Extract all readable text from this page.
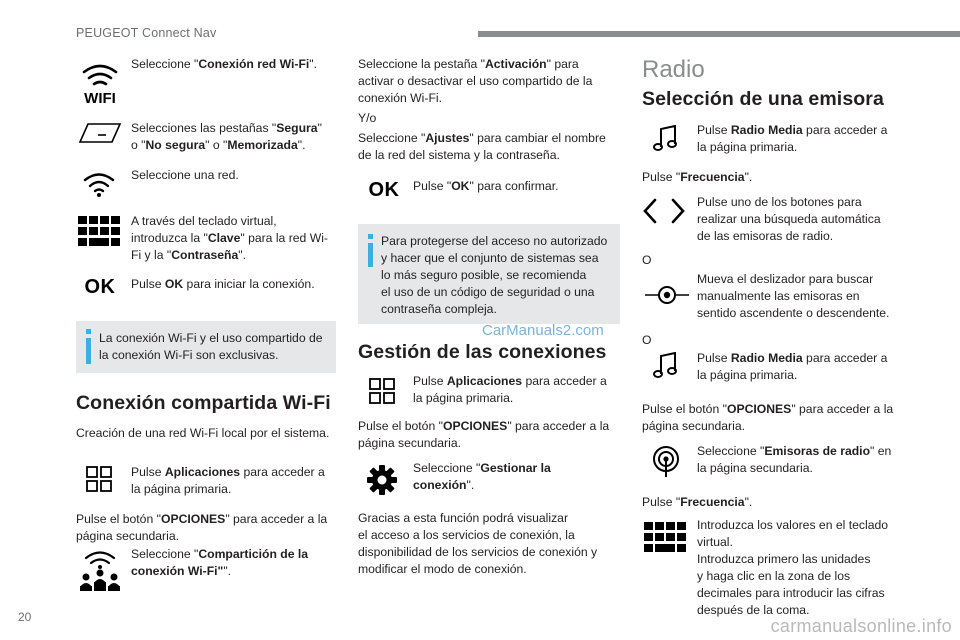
PEUGEOT Connect Nav
WIFI
Seleccione "Conexión red Wi-Fi".
Selecciones las pestañas "Segura"
o "No segura" o "Memorizada".
Seleccione una red.
A través del teclado virtual,
introduzca la "Clave" para la red Wi-
Fi y la "Contraseña".
OK	Pulse OK para iniciar la conexión.
La conexión Wi-Fi y el uso compartido de
la conexión Wi-Fi son exclusivas.
Conexión compartida Wi-Fi
Creación de una red Wi-Fi local por el sistema.
Pulse Aplicaciones para acceder a
la página primaria.
Pulse el botón "OPCIONES" para acceder a la
página secundaria.
Seleccione "Compartición de la
conexión Wi-Fi"".
Seleccione la pestaña "Activación" para
activar o desactivar el uso compartido de la
conexión Wi-Fi.
Y/o
Seleccione "Ajustes" para cambiar el nombre
de la red del sistema y la contraseña.
OK	Pulse "OK" para confirmar.
Para protegerse del acceso no autorizado
y hacer que el conjunto de sistemas sea
lo más seguro posible, se recomienda
el uso de un código de seguridad o una
contraseña compleja.
CarManuals2.com
Gestión de las conexiones
Pulse Aplicaciones para acceder a
la página primaria.
Pulse el botón "OPCIONES" para acceder a la
página secundaria.
Seleccione "Gestionar la
conexión".
Gracias a esta función podrá visualizar
el acceso a los servicios de conexión, la
disponibilidad de los servicios de conexión y
modificar el modo de conexión.
Radio
Selección de una emisora
Pulse Radio Media para acceder a
la página primaria.
Pulse "Frecuencia".
Pulse uno de los botones para
realizar una búsqueda automática
de las emisoras de radio.
O
Mueva el deslizador para buscar
manualmente las emisoras en
sentido ascendente o descendente.
O
Pulse Radio Media para acceder a
la página primaria.
Pulse el botón "OPCIONES" para acceder a la
página secundaria.
Seleccione "Emisoras de radio" en
la página secundaria.
Pulse "Frecuencia".
Introduzca los valores en el teclado
virtual.
Introduzca primero las unidades
y haga clic en la zona de los
decimales para introducir las cifras
después de la coma.
20	carmanualsonline.info
